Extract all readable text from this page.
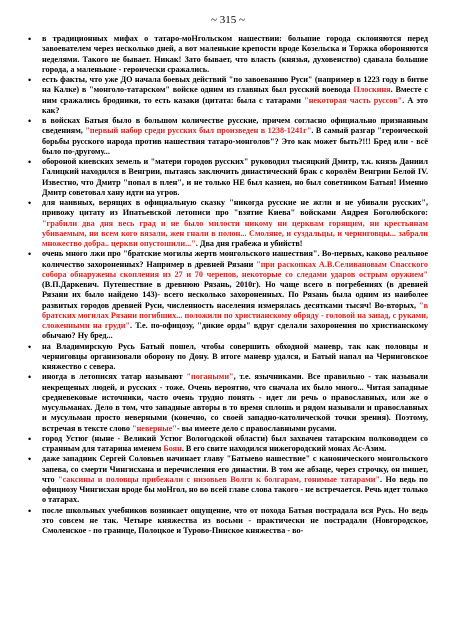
~ 315 ~
• в традиционных мифах о татаро-моНгольском нашествии: большие города склоняются перед завоевателем через несколько дней, а вот маленькие крепости вроде Козельска и Торжка обороняются неделями. Такого не бывает. Никак! Зато бывает, что власть (князья, духовенство) сдавала большие города, а маленькие - героически сражались.
• есть факты, что уже ДО начала боевых действий "по завоеванию Руси" (например в 1223 году в битве на Калке) в "монголо-татарском" войске одним из главных был русский воевода Плоскиня. Вместе с ним сражались бродники, то есть казаки (цитата: была с татарами "некоторая часть руссов". А это как?
• в войсках Батыя было в большом количестве русские, причем согласно официально признанным сведениям, "первый набор среди русских был произведен в 1238-1241г". В самый разгар "героической борьбы русского народа против нашествия татаро-монголов"? Это как может быть?!!! Бред или - всё было по-другому...
• обороной киевских земель и "матери городов русских" руководил тысяцкий Дмитр, т.к. князь Даниил Галицкий находился в Венгрии, пытаясь заключить династический брак с королём Венгрии Белой IV. Известно, что Дмитр "попал в плен", и не только НЕ был казнен, но был советником Батыя! Именно Дмитр советовал хану идти на угров.
• для наивных, верящих в официальную сказку "никогда русские не жгли и не убивали русских", привожу цитату из Ипатьевской летописи про "взятие Киева" войсками Андрея Боголюбского: "грабили два дня весь град и не было милости никому ни церквам горящим, ни крестьянам убиваемым, ни всем кого вязали, жен гнали в полон... Смоляне, и суздальцы, и черниговцы... забрали множество добра.. церкви опустошили...". Два дня грабежа и убийств!
• очень много лжи про "братские могилы жертв монгольского нашествия". Во-первых, каково реальное количество захороненных? Например в древней Рязани "при раскопках А.В.Селивановым Спасского собора обнаружены скопления из 27 и 70 черепов, некоторые со следами ударов острым оружием" (В.П.Даркевич. Путешествие в древнюю Рязань, 2010г). Но чаще всего в погребениях (в древней Рязани их было найдено 143)- всего несколько захороненных. По Рязань была одним из наиболее развитых городов древней Руси, численность населения измерялась десятками тысяч! Во-вторых, "в братских могилах Рязани погибших... положили по христианскому обряду - головой на запад, с руками, сложенными на груди". Т.е. по-офицозу, "дикие орды" вдруг сделали захоронения по христианскому обычаю? Ну бред...
• на Владимирскую Русь Батый пошел, чтобы совершить обходной маневр, так как половцы и черниговцы организовали оборону по Дону. В итоге маневр удался, и Батый напал на Черниговское княжество с севера.
• иногда в летописях татар называют "погаными", т.е. язычниками. Все правильно - так называли некрещеных людей, и русских - тоже. Очень вероятно, что сначала их было много... Читая западные средневековые источники, часто очень трудно понять - идет ли речь о православных, или же о мусульманах. Дело в том, что западные авторы в то время сплошь и рядом называли и православных и мусульман просто неверными (конечно, со своей западно-католической точки зрения). Поэтому, встречая в тексте слово "неверные"- вы имеете дело с православными русами.
• город Устюг (ныне - Великий Устюг Вологодской области) был захвачен татарским полководцем со странным для татарина именем Боян. В его свите находился нижегородский монах Ас-Азим.
• даже западник Сергей Соловьев начинает главу "Батыево нашествие" с канонического монгольского запева, со смерти Чингисхана и перечисления его династии. В том же абзаце, через строчку, он пишет, что "саксины и половцы прибежали с низовьев Волги к болгарам, гонимые татарами". Но ведь по официозу Чингисхан вроде бы моНгол, но во всей главе слова такого - не встречается. Речь идет только о татарах.
• после школьных учебников возникает ощущение, что от похода Батыя пострадала вся Русь. Но ведь это совсем не так. Четыре княжества из восьми - практически не пострадали (Новгородское, Смоленское - по границе, Полоцкое и Турово-Пинское княжества - во-
